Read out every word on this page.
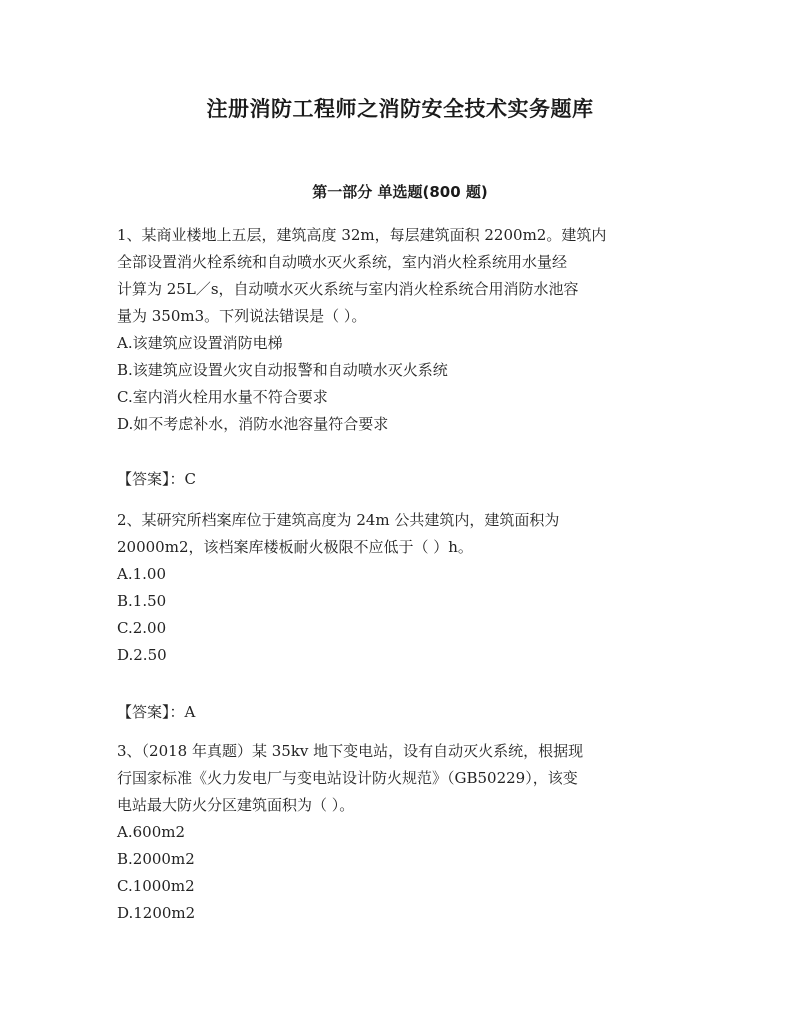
注册消防工程师之消防安全技术实务题库
第一部分 单选题(800 题)

1、某商业楼地上五层，建筑高度 32m，每层建筑面积 2200m2。建筑内

全部设置消火栓系统和自动喷水灭火系统，室内消火栓系统用水量经

计算为 25L／s，自动喷水灭火系统与室内消火栓系统合用消防水池容

量为 350m3。下列说法错误是（ ）。

A.该建筑应设置消防电梯

B.该建筑应设置火灾自动报警和自动喷水灭火系统

C.室内消火栓用水量不符合要求

D.如不考虑补水，消防水池容量符合要求

【答案】：C

2、某研究所档案库位于建筑高度为 24m 公共建筑内，建筑面积为

20000m2，该档案库楼板耐火极限不应低于（ ）h。

A.1.00

B.1.50

C.2.00

D.2.50

【答案】：A

3、（2018 年真题）某 35kv 地下变电站，设有自动灭火系统，根据现

行国家标准《火力发电厂与变电站设计防火规范》（GB50229），该变

电站最大防火分区建筑面积为（ ）。

A.600m2

B.2000m2

C.1000m2

D.1200m2
